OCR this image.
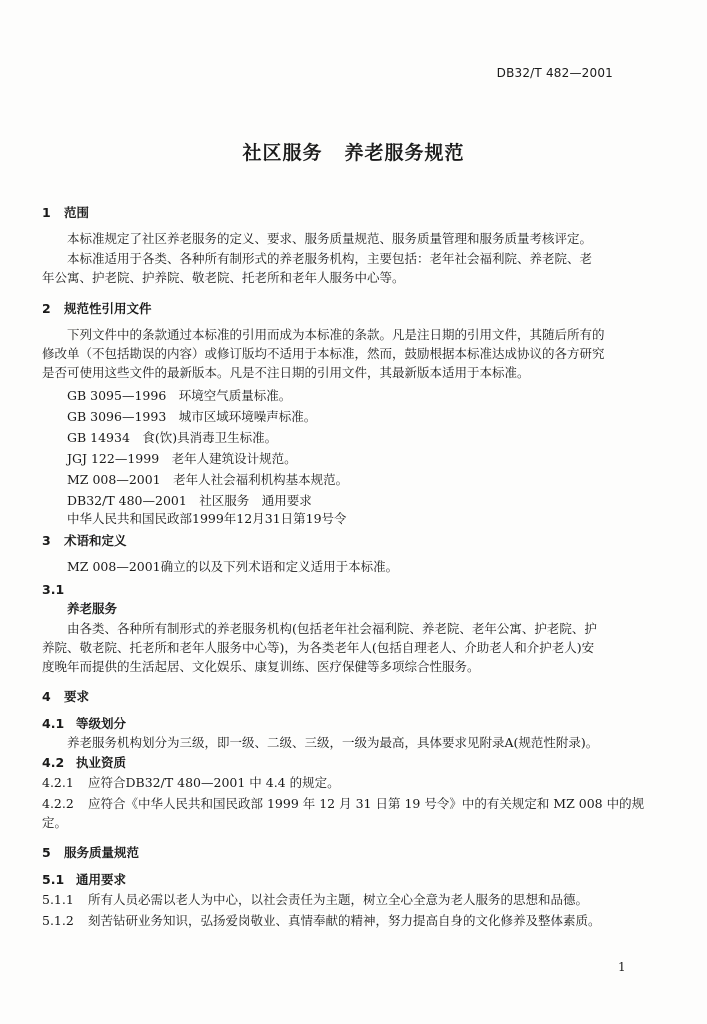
DB32/T 482—2001
社区服务 养老服务规范
1 范围
本标准规定了社区养老服务的定义、要求、服务质量规范、服务质量管理和服务质量考核评定。
本标准适用于各类、各种所有制形式的养老服务机构，主要包括：老年社会福利院、养老院、老
年公寓、护老院、护养院、敬老院、托老所和老年人服务中心等。
2 规范性引用文件
下列文件中的条款通过本标准的引用而成为本标准的条款。凡是注日期的引用文件，其随后所有的
修改单（不包括勘误的内容）或修订版均不适用于本标准，然而，鼓励根据本标准达成协议的各方研究
是否可使用这些文件的最新版本。凡是不注日期的引用文件，其最新版本适用于本标准。
GB 3095—1996　环境空气质量标准。
GB 3096—1993　城市区域环境噪声标准。
GB 14934　食(饮)具消毒卫生标准。
JGJ 122—1999　老年人建筑设计规范。
MZ 008—2001　老年人社会福利机构基本规范。
DB32/T 480—2001　社区服务　通用要求
中华人民共和国民政部1999年12月31日第19号令
3 术语和定义
MZ 008—2001确立的以及下列术语和定义适用于本标准。
3.1
养老服务
由各类、各种所有制形式的养老服务机构(包括老年社会福利院、养老院、老年公寓、护老院、护
养院、敬老院、托老所和老年人服务中心等)，为各类老年人(包括自理老人、介助老人和介护老人)安
度晚年而提供的生活起居、文化娱乐、康复训练、医疗保健等多项综合性服务。
4 要求
4.1 等级划分
养老服务机构划分为三级，即一级、二级、三级，一级为最高，具体要求见附录A(规范性附录)。
4.2 执业资质
4.2.1 应符合DB32/T 480—2001 中 4.4 的规定。
4.2.2 应符合《中华人民共和国民政部 1999 年 12 月 31 日第 19 号令》中的有关规定和 MZ 008 中的规
定。
5 服务质量规范
5.1 通用要求
5.1.1 所有人员必需以老人为中心，以社会责任为主题，树立全心全意为老人服务的思想和品德。
5.1.2 刻苦钻研业务知识，弘扬爱岗敬业、真情奉献的精神，努力提高自身的文化修养及整体素质。
1
